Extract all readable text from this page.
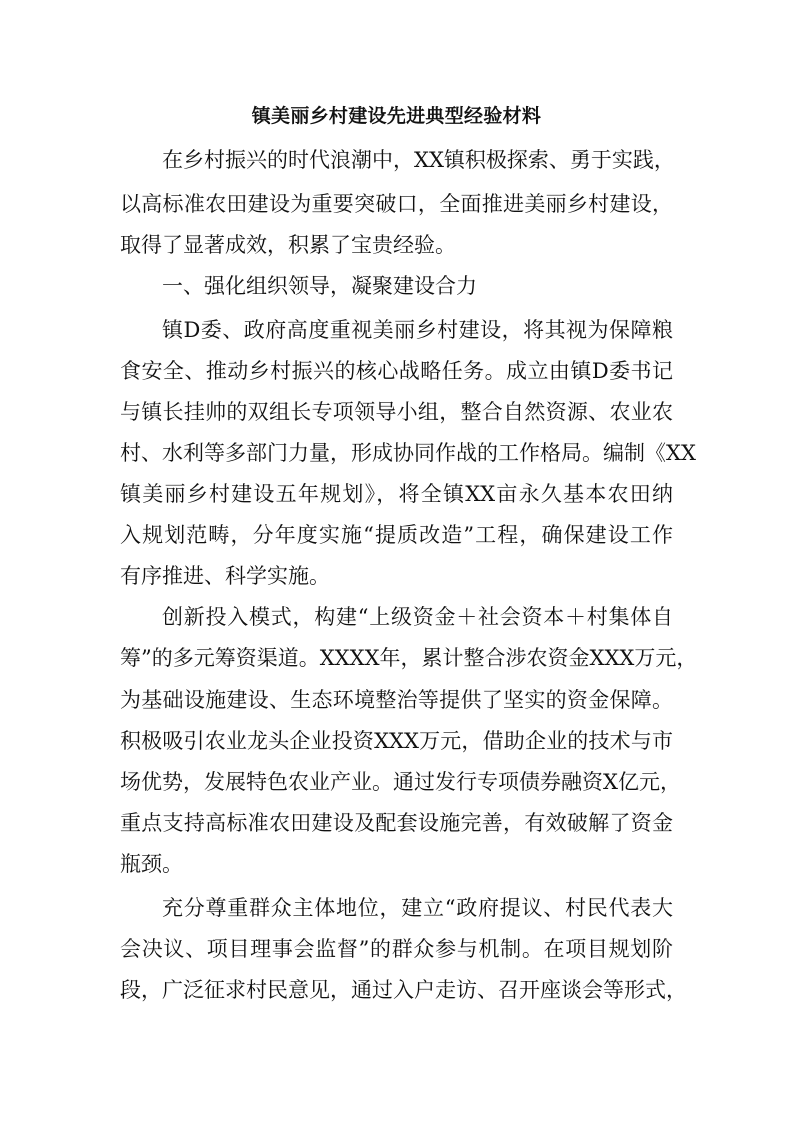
镇美丽乡村建设先进典型经验材料
在乡村振兴的时代浪潮中，XX镇积极探索、勇于实践，
以高标准农田建设为重要突破口，全面推进美丽乡村建设，
取得了显著成效，积累了宝贵经验。
一、强化组织领导，凝聚建设合力
镇D委、政府高度重视美丽乡村建设，将其视为保障粮
食安全、推动乡村振兴的核心战略任务。成立由镇D委书记
与镇长挂帅的双组长专项领导小组，整合自然资源、农业农
村、水利等多部门力量，形成协同作战的工作格局。编制《XX
镇美丽乡村建设五年规划》，将全镇XX亩永久基本农田纳
入规划范畴，分年度实施“提质改造”工程，确保建设工作
有序推进、科学实施。
创新投入模式，构建“上级资金＋社会资本＋村集体自
筹”的多元筹资渠道。XXXX年，累计整合涉农资金XXX万元，
为基础设施建设、生态环境整治等提供了坚实的资金保障。
积极吸引农业龙头企业投资XXX万元，借助企业的技术与市
场优势，发展特色农业产业。通过发行专项债券融资X亿元，
重点支持高标准农田建设及配套设施完善，有效破解了资金
瓶颈。
充分尊重群众主体地位，建立“政府提议、村民代表大
会决议、项目理事会监督”的群众参与机制。在项目规划阶
段，广泛征求村民意见，通过入户走访、召开座谈会等形式，
